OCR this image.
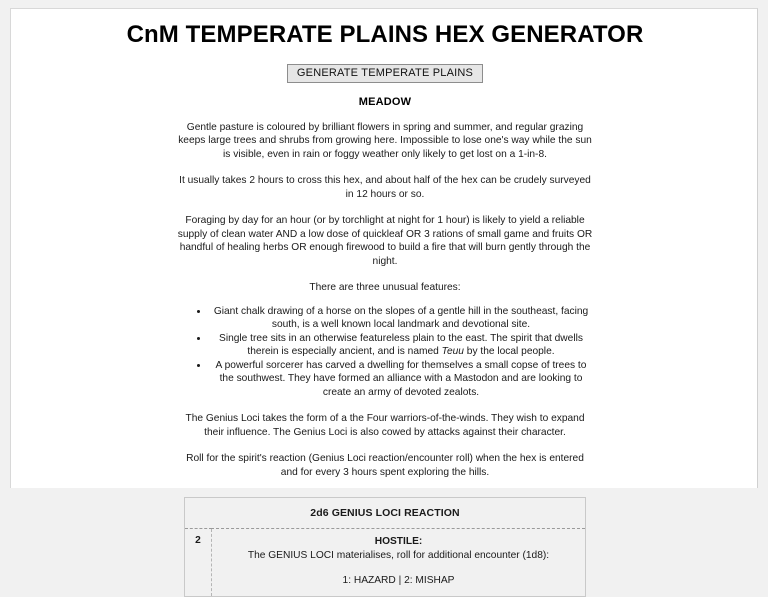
CnM TEMPERATE PLAINS HEX GENERATOR
GENERATE TEMPERATE PLAINS
MEADOW

Gentle pasture is coloured by brilliant flowers in spring and summer, and regular grazing keeps large trees and shrubs from growing here. Impossible to lose one's way while the sun is visible, even in rain or foggy weather only likely to get lost on a 1-in-8.

It usually takes 2 hours to cross this hex, and about half of the hex can be crudely surveyed in 12 hours or so.

Foraging by day for an hour (or by torchlight at night for 1 hour) is likely to yield a reliable supply of clean water AND a low dose of quickleaf OR 3 rations of small game and fruits OR handful of healing herbs OR enough firewood to build a fire that will burn gently through the night.

There are three unusual features:

• Giant chalk drawing of a horse on the slopes of a gentle hill in the southeast, facing south, is a well known local landmark and devotional site.
• Single tree sits in an otherwise featureless plain to the east. The spirit that dwells therein is especially ancient, and is named Teuu by the local people.
• A powerful sorcerer has carved a dwelling for themselves a small copse of trees to the southwest. They have formed an alliance with a Mastodon and are looking to create an army of devoted zealots.

The Genius Loci takes the form of a the Four warriors-of-the-winds. They wish to expand their influence. The Genius Loci is also cowed by attacks against their character.

Roll for the spirit's reaction (Genius Loci reaction/encounter roll) when the hex is entered and for every 3 hours spent exploring the hills.

2d6 GENIUS LOCI REACTION
2	HOSTILE:
The GENIUS LOCI materialises, roll for additional encounter (1d8):
1: HAZARD | 2: MISHAP
